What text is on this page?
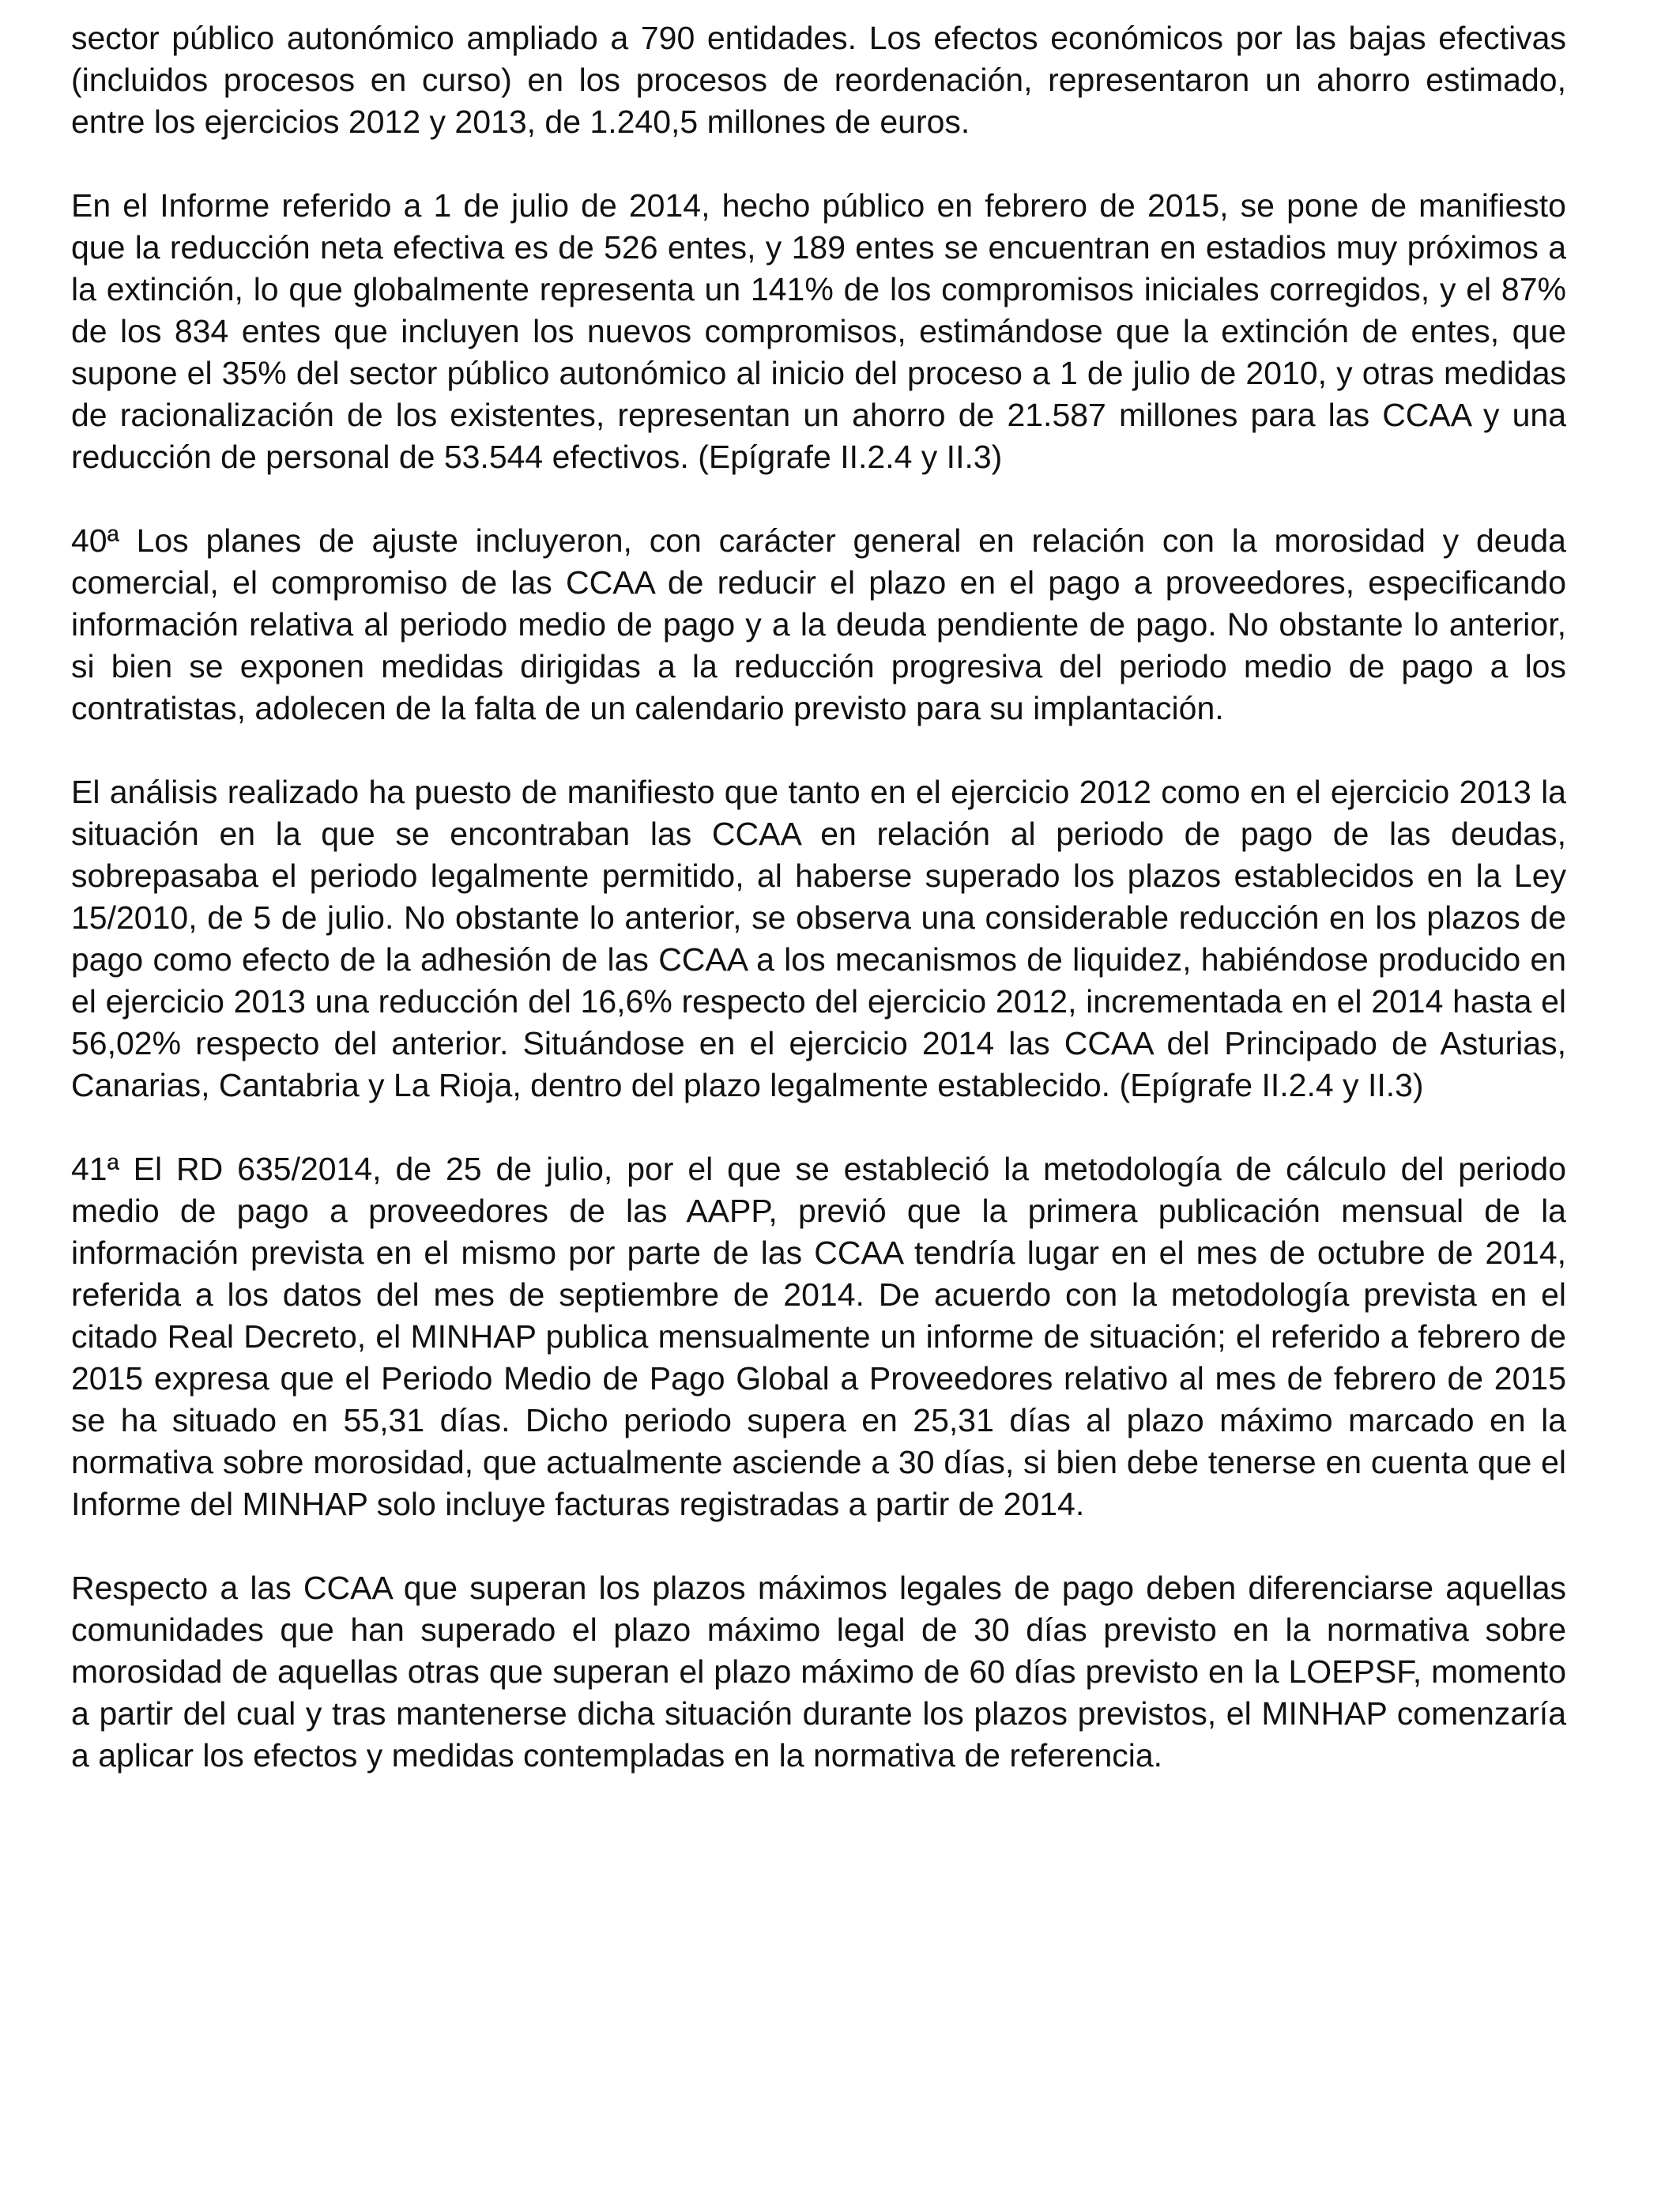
sector público autonómico ampliado a 790 entidades. Los efectos económicos por las bajas efectivas (incluidos procesos en curso) en los procesos de reordenación, representaron un ahorro estimado, entre los ejercicios 2012 y 2013, de 1.240,5 millones de euros.

En el Informe referido a 1 de julio de 2014, hecho público en febrero de 2015, se pone de manifiesto que la reducción neta efectiva es de 526 entes, y 189 entes se encuentran en estadios muy próximos a la extinción, lo que globalmente representa un 141% de los compromisos iniciales corregidos, y el 87% de los 834 entes que incluyen los nuevos compromisos, estimándose que la extinción de entes, que supone el 35% del sector público autonómico al inicio del proceso a 1 de julio de 2010, y otras medidas de racionalización de los existentes, representan un ahorro de 21.587 millones para las CCAA y una reducción de personal de 53.544 efectivos. (Epígrafe II.2.4 y II.3)

40ª Los planes de ajuste incluyeron, con carácter general en relación con la morosidad y deuda comercial, el compromiso de las CCAA de reducir el plazo en el pago a proveedores, especificando información relativa al periodo medio de pago y a la deuda pendiente de pago. No obstante lo anterior, si bien se exponen medidas dirigidas a la reducción progresiva del periodo medio de pago a los contratistas, adolecen de la falta de un calendario previsto para su implantación.

El análisis realizado ha puesto de manifiesto que tanto en el ejercicio 2012 como en el ejercicio 2013 la situación en la que se encontraban las CCAA en relación al periodo de pago de las deudas, sobrepasaba el periodo legalmente permitido, al haberse superado los plazos establecidos en la Ley 15/2010, de 5 de julio. No obstante lo anterior, se observa una considerable reducción en los plazos de pago como efecto de la adhesión de las CCAA a los mecanismos de liquidez, habiéndose producido en el ejercicio 2013 una reducción del 16,6% respecto del ejercicio 2012, incrementada en el 2014 hasta el 56,02% respecto del anterior. Situándose en el ejercicio 2014 las CCAA del Principado de Asturias, Canarias, Cantabria y La Rioja, dentro del plazo legalmente establecido. (Epígrafe II.2.4 y II.3)

41ª El RD 635/2014, de 25 de julio, por el que se estableció la metodología de cálculo del periodo medio de pago a proveedores de las AAPP, previó que la primera publicación mensual de la información prevista en el mismo por parte de las CCAA tendría lugar en el mes de octubre de 2014, referida a los datos del mes de septiembre de 2014. De acuerdo con la metodología prevista en el citado Real Decreto, el MINHAP publica mensualmente un informe de situación; el referido a febrero de 2015 expresa que el Periodo Medio de Pago Global a Proveedores relativo al mes de febrero de 2015 se ha situado en 55,31 días. Dicho periodo supera en 25,31 días al plazo máximo marcado en la normativa sobre morosidad, que actualmente asciende a 30 días, si bien debe tenerse en cuenta que el Informe del MINHAP solo incluye facturas registradas a partir de 2014.

Respecto a las CCAA que superan los plazos máximos legales de pago deben diferenciarse aquellas comunidades que han superado el plazo máximo legal de 30 días previsto en la normativa sobre morosidad de aquellas otras que superan el plazo máximo de 60 días previsto en la LOEPSF, momento a partir del cual y tras mantenerse dicha situación durante los plazos previstos, el MINHAP comenzaría a aplicar los efectos y medidas contempladas en la normativa de referencia.
